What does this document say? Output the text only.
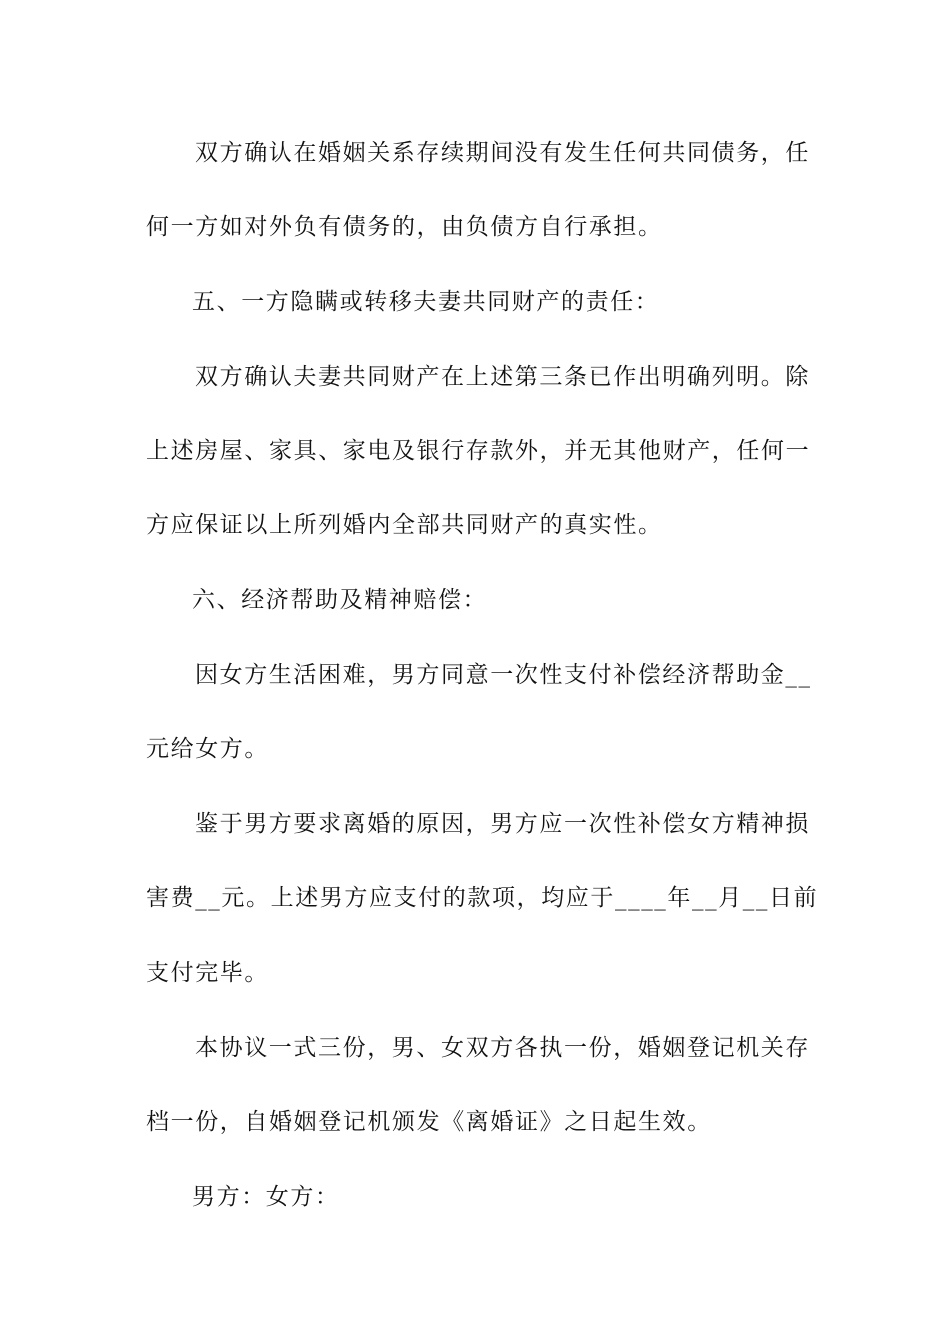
双方确认在婚姻关系存续期间没有发生任何共同债务，任
何一方如对外负有债务的，由负债方自行承担。
五、一方隐瞒或转移夫妻共同财产的责任：
双方确认夫妻共同财产在上述第三条已作出明确列明。除
上述房屋、家具、家电及银行存款外，并无其他财产，任何一
方应保证以上所列婚内全部共同财产的真实性。
六、经济帮助及精神赔偿：
因女方生活困难，男方同意一次性支付补偿经济帮助金__
元给女方。
鉴于男方要求离婚的原因，男方应一次性补偿女方精神损
害费__元。上述男方应支付的款项，均应于____年__月__日前
支付完毕。
本协议一式三份，男、女双方各执一份，婚姻登记机关存
档一份，自婚姻登记机颁发《离婚证》之日起生效。
男方：女方：
